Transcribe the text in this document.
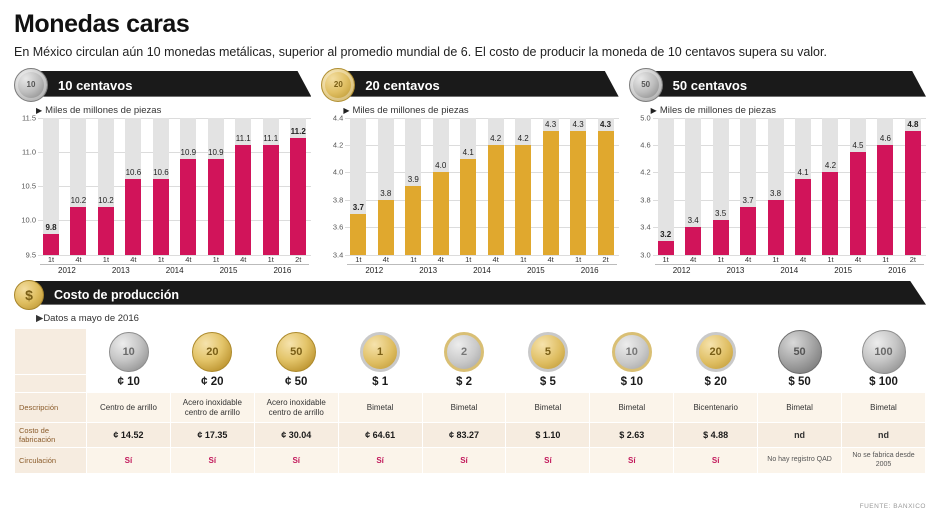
Monedas caras

En México circulan aún 10 monedas metálicas, superior al promedio mundial de 6. El costo de producir la moneda de 10 centavos supera su valor.

10	10 centavos
▶ Miles de millones de piezas
11.5
11.0
10.5
10.0
9.5
9.8
10.2	10.2
10.6	10.6
10.9	10.9
11.1	11.1
11.2
1t	4t	1t	4t	1t	4t	1t	4t	1t	2t
2012	2013	2014	2015	2016
20	20 centavos
▶ Miles de millones de piezas
4.4
4.2
4.0
3.8
3.6
3.4
3.7
3.8
3.9
4.0
4.1
4.2	4.2
4.3	4.3	4.3
1t	4t	1t	4t	1t	4t	1t	4t	1t	2t
2012	2013	2014	2015	2016
50	50 centavos
▶ Miles de millones de piezas
5.0
4.6
4.2
3.8
3.4
3.0
3.2
3.4
3.5
3.7
3.8
4.1
4.2
4.5
4.6
4.8
1t	4t	1t	4t	1t	4t	1t	4t	1t	2t
2012	2013	2014	2015	2016
$	Costo de producción
▶Datos a mayo de 2016
	10	20	50	1	2	5	10	20	50	100
	¢ 10	¢ 20	¢ 50	$ 1	$ 2	$ 5	$ 10	$ 20	$ 50	$ 100
Descripción	Centro de arrillo	Acero inoxidable centro de arrillo	Acero inoxidable centro de arrillo	Bimetal	Bimetal	Bimetal	Bimetal	Bicentenario	Bimetal	Bimetal
Costo de fabricación	¢ 14.52	¢ 17.35	¢ 30.04	¢ 64.61	¢ 83.27	$ 1.10	$ 2.63	$ 4.88	nd	nd
Circulación	Sí	Sí	Sí	Sí	Sí	Sí	Sí	Sí	No hay registro QAD	No se fabrica desde 2005
FUENTE: BANXICO
